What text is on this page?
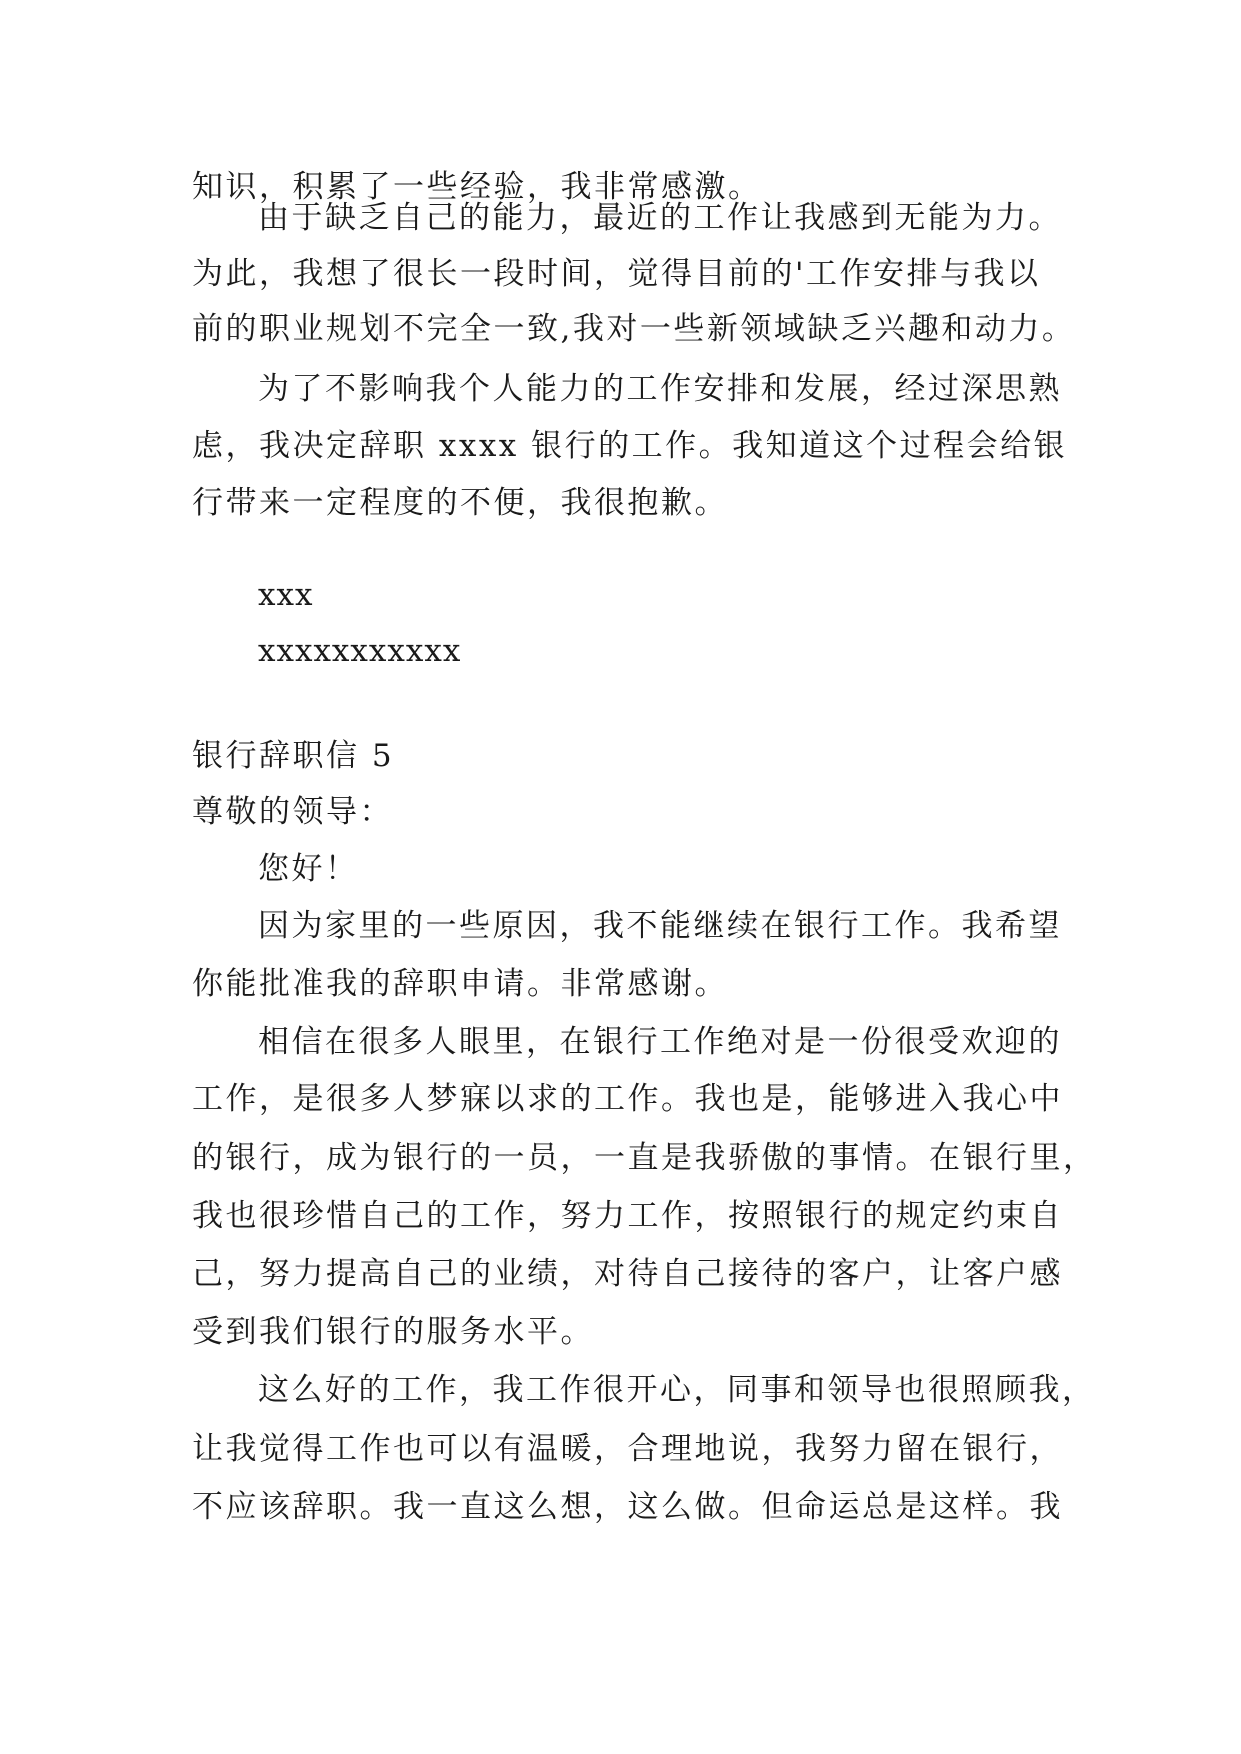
知识，积累了一些经验，我非常感激。
由于缺乏自己的能力，最近的工作让我感到无能为力。
为此，我想了很长一段时间，觉得目前的'工作安排与我以
前的职业规划不完全一致,我对一些新领域缺乏兴趣和动力。
为了不影响我个人能力的工作安排和发展，经过深思熟
虑，我决定辞职 xxxx 银行的工作。我知道这个过程会给银
行带来一定程度的不便，我很抱歉。
xxx
xxxxxxxxxxx
银行辞职信 5
尊敬的领导：
您好！
因为家里的一些原因，我不能继续在银行工作。我希望
你能批准我的辞职申请。非常感谢。
相信在很多人眼里，在银行工作绝对是一份很受欢迎的
工作，是很多人梦寐以求的工作。我也是，能够进入我心中
的银行，成为银行的一员，一直是我骄傲的事情。在银行里，
我也很珍惜自己的工作，努力工作，按照银行的规定约束自
己，努力提高自己的业绩，对待自己接待的客户，让客户感
受到我们银行的服务水平。
这么好的工作，我工作很开心，同事和领导也很照顾我，
让我觉得工作也可以有温暖，合理地说，我努力留在银行，
不应该辞职。我一直这么想，这么做。但命运总是这样。我
